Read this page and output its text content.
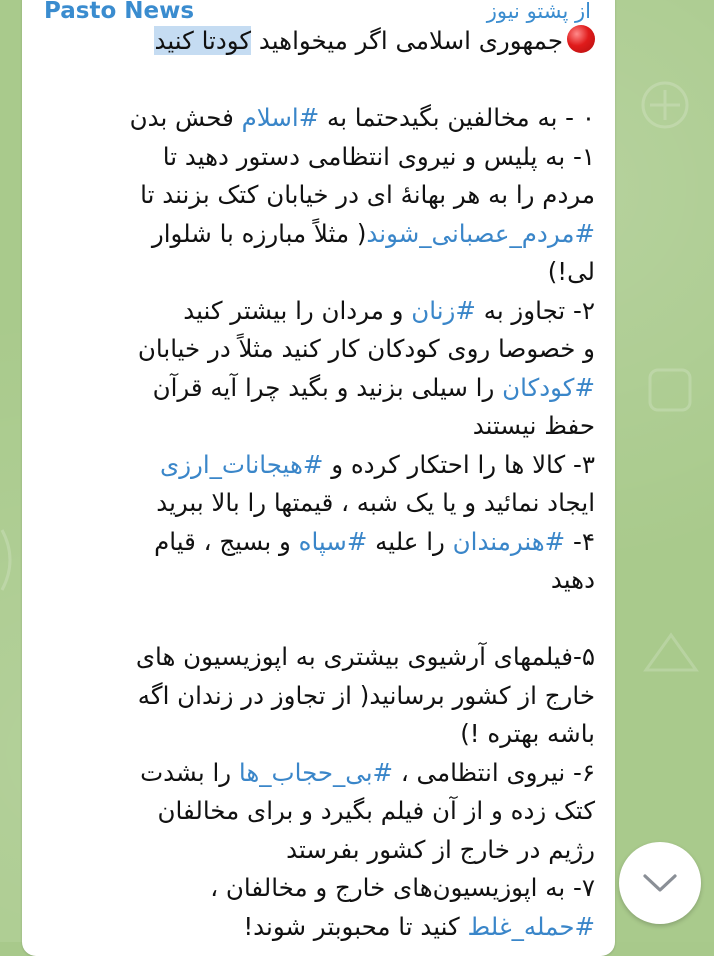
Pasto News	از پشتو نیوز
جمهوری اسلامی اگر میخواهید کودتا کنید
۰ - به مخالفین بگیدحتما به #اسلام فحش بدن
۱- به پلیس و نیروی انتظامی دستور دهید تا
مردم را به هر بهانهٔ ای در خیابان کتک بزنند تا
#مردم_عصبانی_شوند( مثلاً مبارزه با شلوار
لی!)
۲- تجاوز به #زنان و مردان را بیشتر کنید
و خصوصا روی کودکان کار کنید مثلاً در خیابان
#کودکان را سیلی بزنید و بگید چرا آیه قرآن
حفظ نیستند
۳- کالا ها را احتکار کرده و #هیجانات_ارزی
ایجاد نمائید و یا یک شبه ، قیمتها را بالا ببرید
۴- #هنرمندان را علیه #سپاه و بسیج ، قیام
دهید
۵-فیلمهای آرشیوی بیشتری به اپوزیسیون های
خارج از کشور برسانید( از تجاوز در زندان اگه
باشه بهتره !)
۶- نیروی انتظامی ، #بی_حجاب_ها را بشدت
کتک زده و از آن فیلم بگیرد و برای مخالفان
رژیم در خارج از کشور بفرستد
۷- به اپوزیسیون‌های خارج و مخالفان ،
#حمله_غلط کنید تا محبوبتر شوند!
